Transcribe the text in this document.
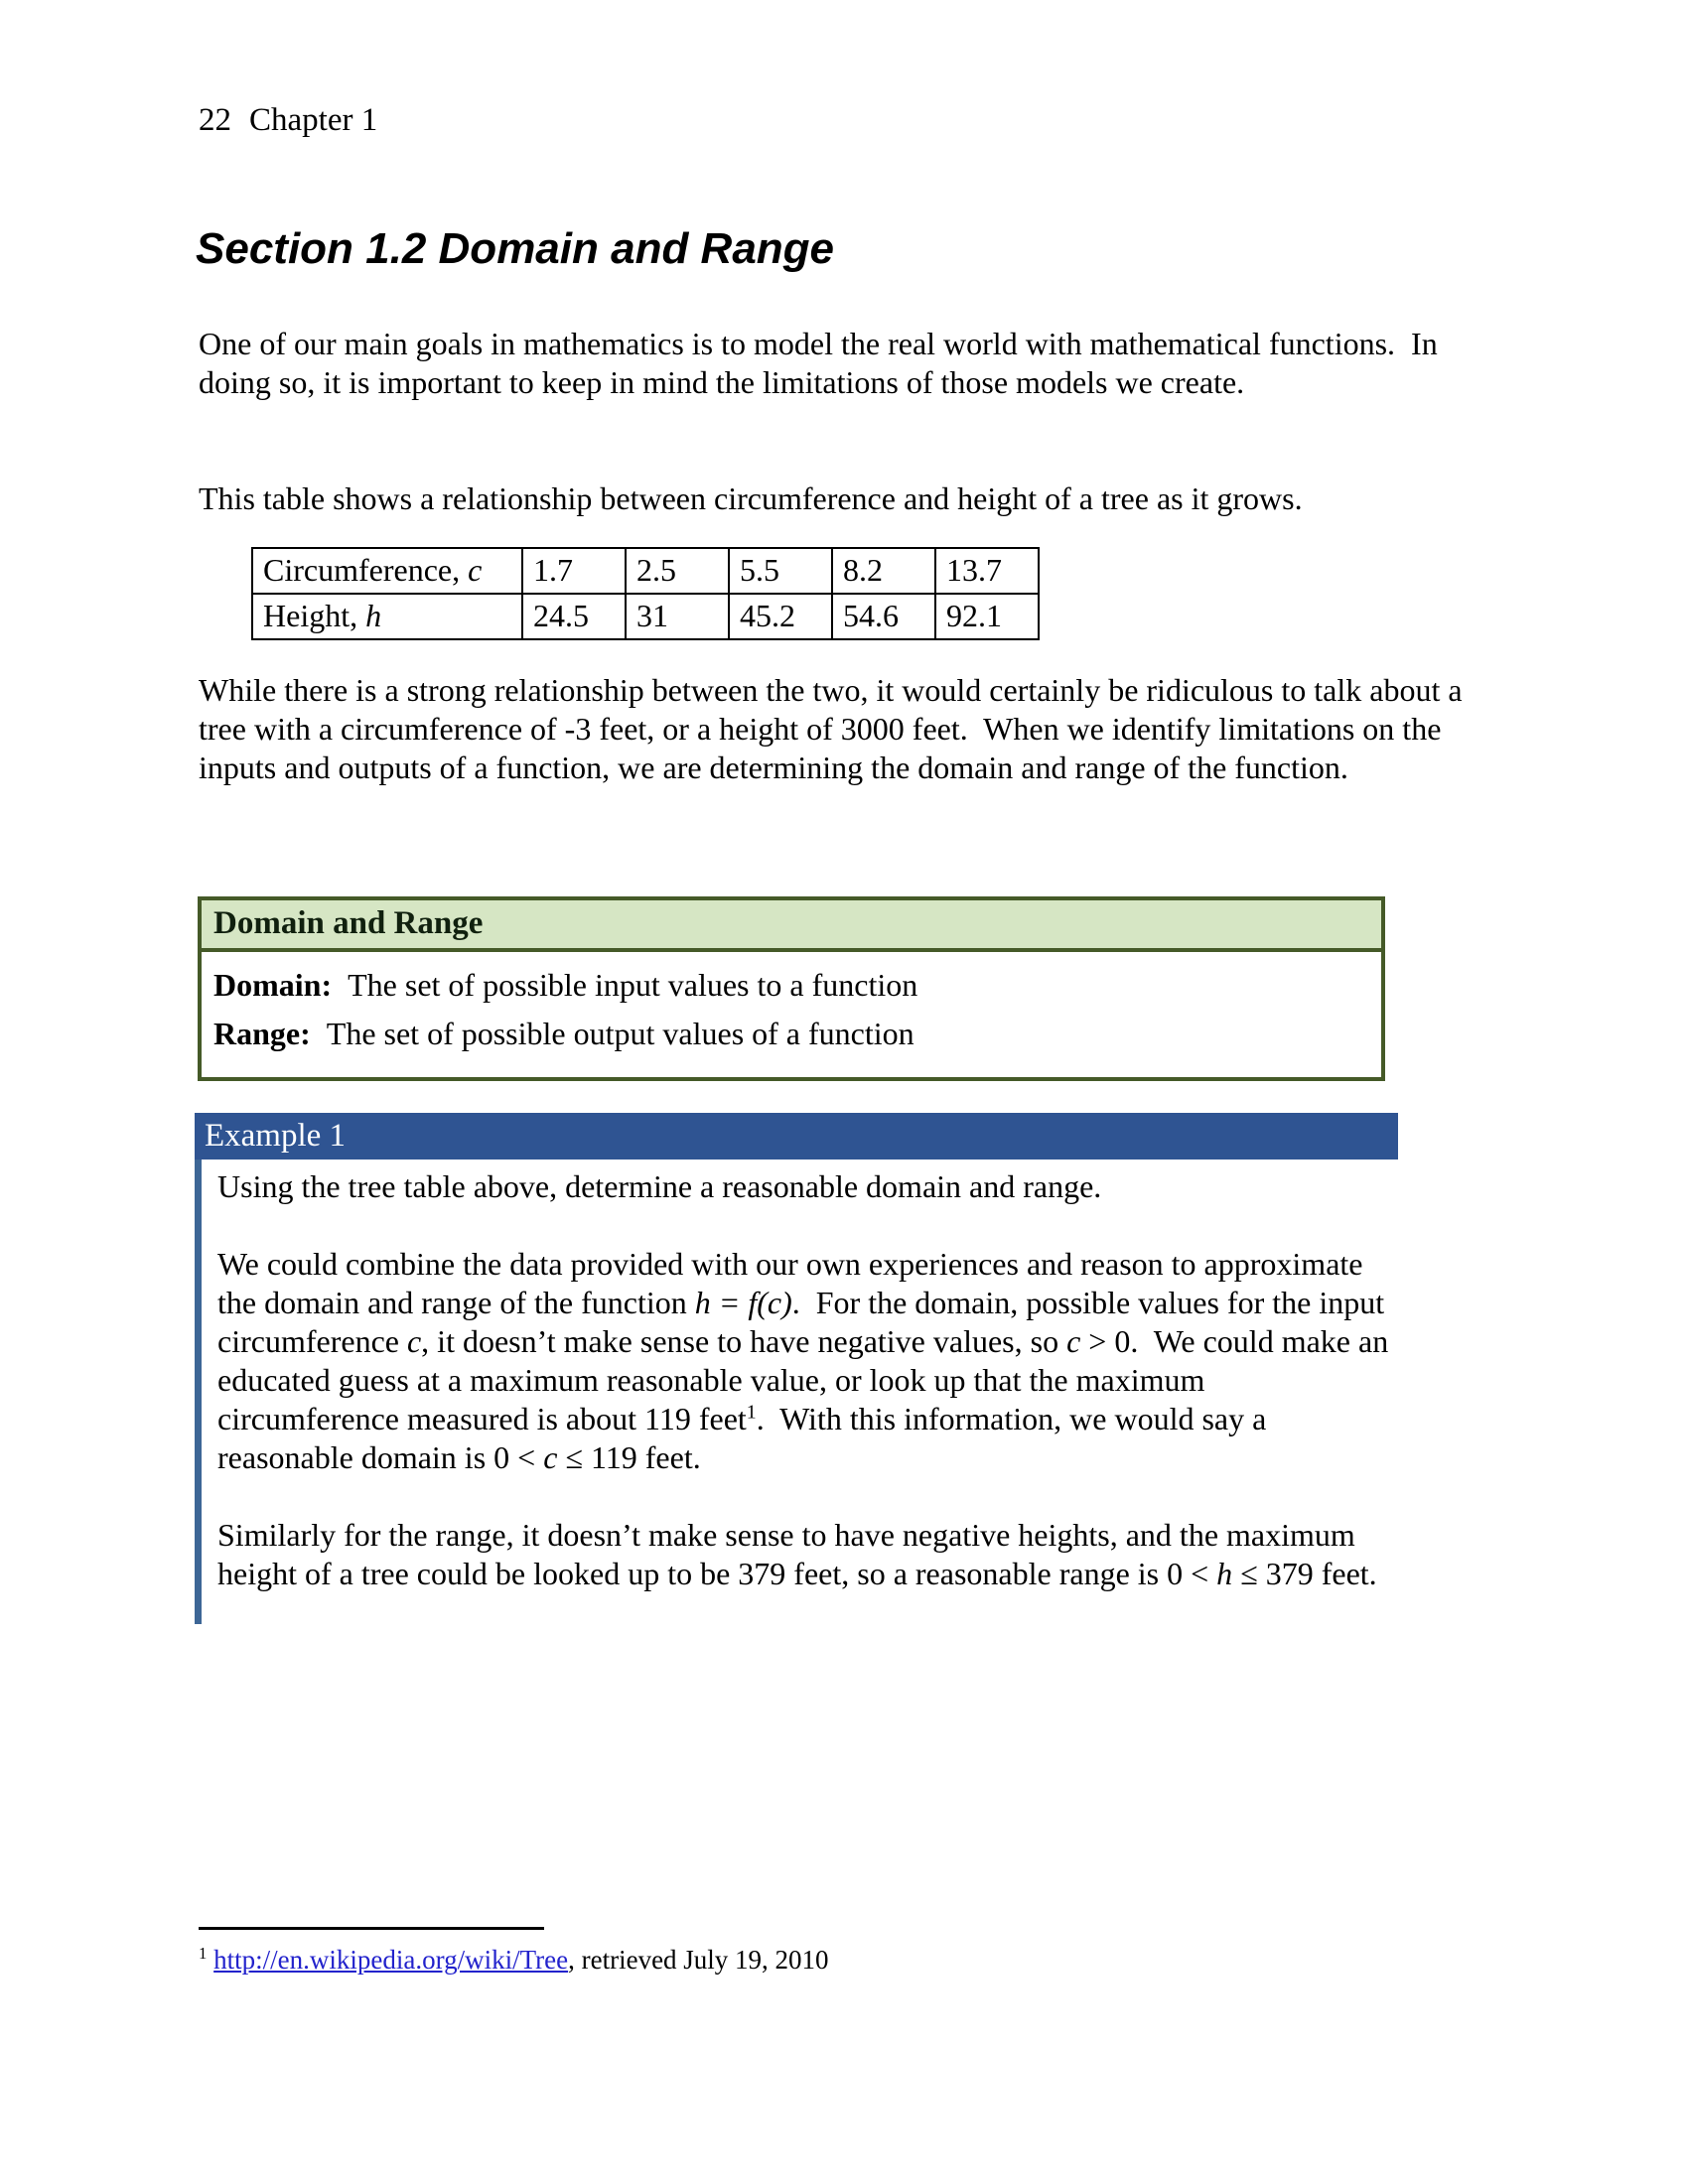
22 Chapter 1
Section 1.2 Domain and Range
One of our main goals in mathematics is to model the real world with mathematical functions.  In doing so, it is important to keep in mind the limitations of those models we create.
This table shows a relationship between circumference and height of a tree as it grows.
Circumference, c	1.7	2.5	5.5	8.2	13.7
Height, h	24.5	31	45.2	54.6	92.1
While there is a strong relationship between the two, it would certainly be ridiculous to talk about a tree with a circumference of -3 feet, or a height of 3000 feet.  When we identify limitations on the inputs and outputs of a function, we are determining the domain and range of the function.
Domain and Range
Domain: The set of possible input values to a function
Range: The set of possible output values of a function
Example 1
Using the tree table above, determine a reasonable domain and range.
We could combine the data provided with our own experiences and reason to approximate the domain and range of the function h = f(c).  For the domain, possible values for the input circumference c, it doesn’t make sense to have negative values, so c > 0.  We could make an educated guess at a maximum reasonable value, or look up that the maximum circumference measured is about 119 feet$^1$.  With this information, we would say a reasonable domain is 0 < c ≤ 119 feet.
Similarly for the range, it doesn’t make sense to have negative heights, and the maximum height of a tree could be looked up to be 379 feet, so a reasonable range is 0 < h ≤ 379 feet.
$^1$ http://en.wikipedia.org/wiki/Tree, retrieved July 19, 2010
